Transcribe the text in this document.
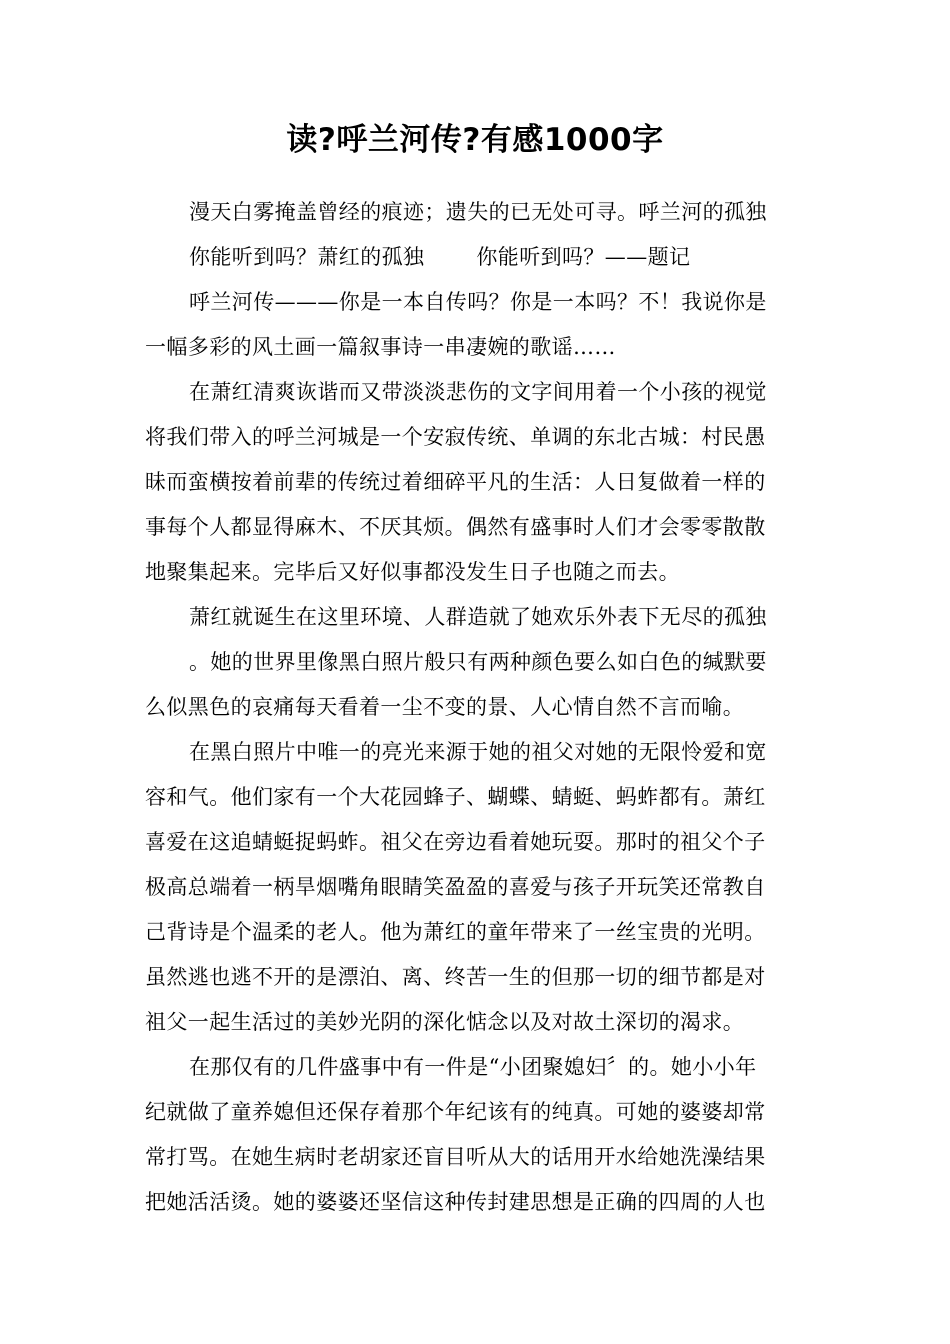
读?呼兰河传?有感1000字
漫天白雾掩盖曾经的痕迹；遗失的已无处可寻。呼兰河的孤独
你能听到吗？萧红的孤独 你能听到吗？——题记
呼兰河传———你是一本自传吗？你是一本吗？不！我说你是
一幅多彩的风土画一篇叙事诗一串凄婉的歌谣……
在萧红清爽诙谐而又带淡淡悲伤的文字间用着一个小孩的视觉
将我们带入的呼兰河城是一个安寂传统、单调的东北古城：村民愚
昧而蛮横按着前辈的传统过着细碎平凡的生活：人日复做着一样的
事每个人都显得麻木、不厌其烦。偶然有盛事时人们才会零零散散
地聚集起来。完毕后又好似事都没发生日子也随之而去。
萧红就诞生在这里环境、人群造就了她欢乐外表下无尽的孤独
。她的世界里像黑白照片般只有两种颜色要么如白色的缄默要
么似黑色的哀痛每天看着一尘不变的景、人心情自然不言而喻。
在黑白照片中唯一的亮光来源于她的祖父对她的无限怜爱和宽
容和气。他们家有一个大花园蜂子、蝴蝶、蜻蜓、蚂蚱都有。萧红
喜爱在这追蜻蜓捉蚂蚱。祖父在旁边看着她玩耍。那时的祖父个子
极高总端着一柄旱烟嘴角眼睛笑盈盈的喜爱与孩子开玩笑还常教自
己背诗是个温柔的老人。他为萧红的童年带来了一丝宝贵的光明。
虽然逃也逃不开的是漂泊、离、终苦一生的但那一切的细节都是对
祖父一起生活过的美妙光阴的深化惦念以及对故土深切的渴求。
在那仅有的几件盛事中有一件是“小团聚媳妇〞的。她小小年
纪就做了童养媳但还保存着那个年纪该有的纯真。可她的婆婆却常
常打骂。在她生病时老胡家还盲目听从大的话用开水给她洗澡结果
把她活活烫。她的婆婆还坚信这种传封建思想是正确的四周的人也
